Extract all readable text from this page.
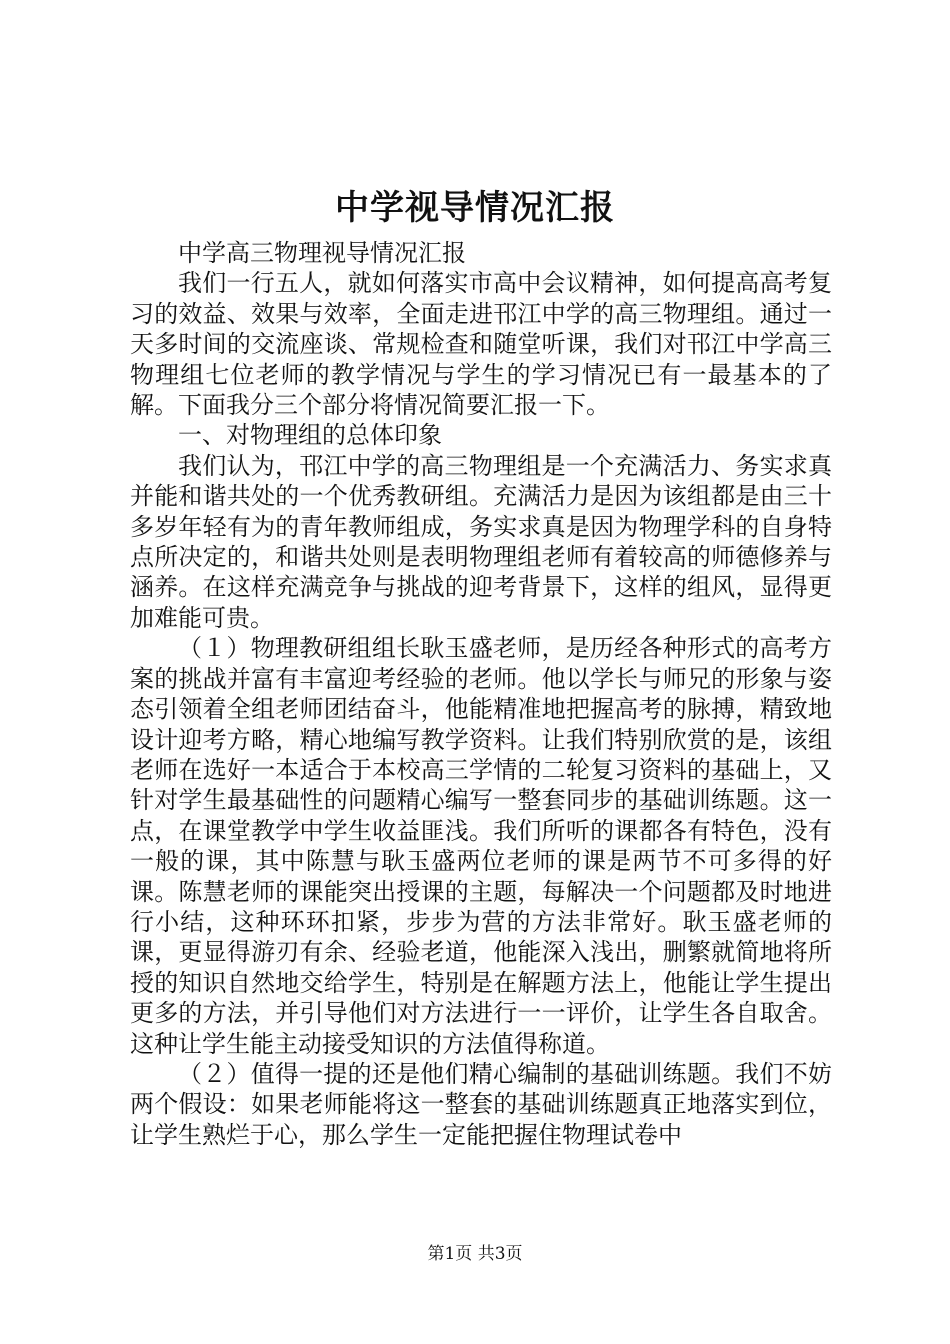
中学视导情况汇报

中学高三物理视导情况汇报

我们一行五人，就如何落实市高中会议精神，如何提高高考复习的效益、效果与效率，全面走进邗江中学的高三物理组。通过一天多时间的交流座谈、常规检查和随堂听课，我们对邗江中学高三物理组七位老师的教学情况与学生的学习情况已有一最基本的了解。下面我分三个部分将情况简要汇报一下。

一、对物理组的总体印象

我们认为，邗江中学的高三物理组是一个充满活力、务实求真并能和谐共处的一个优秀教研组。充满活力是因为该组都是由三十多岁年轻有为的青年教师组成，务实求真是因为物理学科的自身特点所决定的，和谐共处则是表明物理组老师有着较高的师德修养与涵养。在这样充满竞争与挑战的迎考背景下，这样的组风，显得更加难能可贵。

（１）物理教研组组长耿玉盛老师，是历经各种形式的高考方案的挑战并富有丰富迎考经验的老师。他以学长与师兄的形象与姿态引领着全组老师团结奋斗，他能精准地把握高考的脉搏，精致地设计迎考方略，精心地编写教学资料。让我们特别欣赏的是，该组老师在选好一本适合于本校高三学情的二轮复习资料的基础上，又针对学生最基础性的问题精心编写一整套同步的基础训练题。这一点，在课堂教学中学生收益匪浅。我们所听的课都各有特色，没有一般的课，其中陈慧与耿玉盛两位老师的课是两节不可多得的好课。陈慧老师的课能突出授课的主题，每解决一个问题都及时地进行小结，这种环环扣紧，步步为营的方法非常好。耿玉盛老师的课，更显得游刃有余、经验老道，他能深入浅出，删繁就简地将所授的知识自然地交给学生，特别是在解题方法上，他能让学生提出更多的方法，并引导他们对方法进行一一评价，让学生各自取舍。这种让学生能主动接受知识的方法值得称道。

（２）值得一提的还是他们精心编制的基础训练题。我们不妨两个假设：如果老师能将这一整套的基础训练题真正地落实到位，让学生熟烂于心，那么学生一定能把握住物理试卷中

第1页 共3页
